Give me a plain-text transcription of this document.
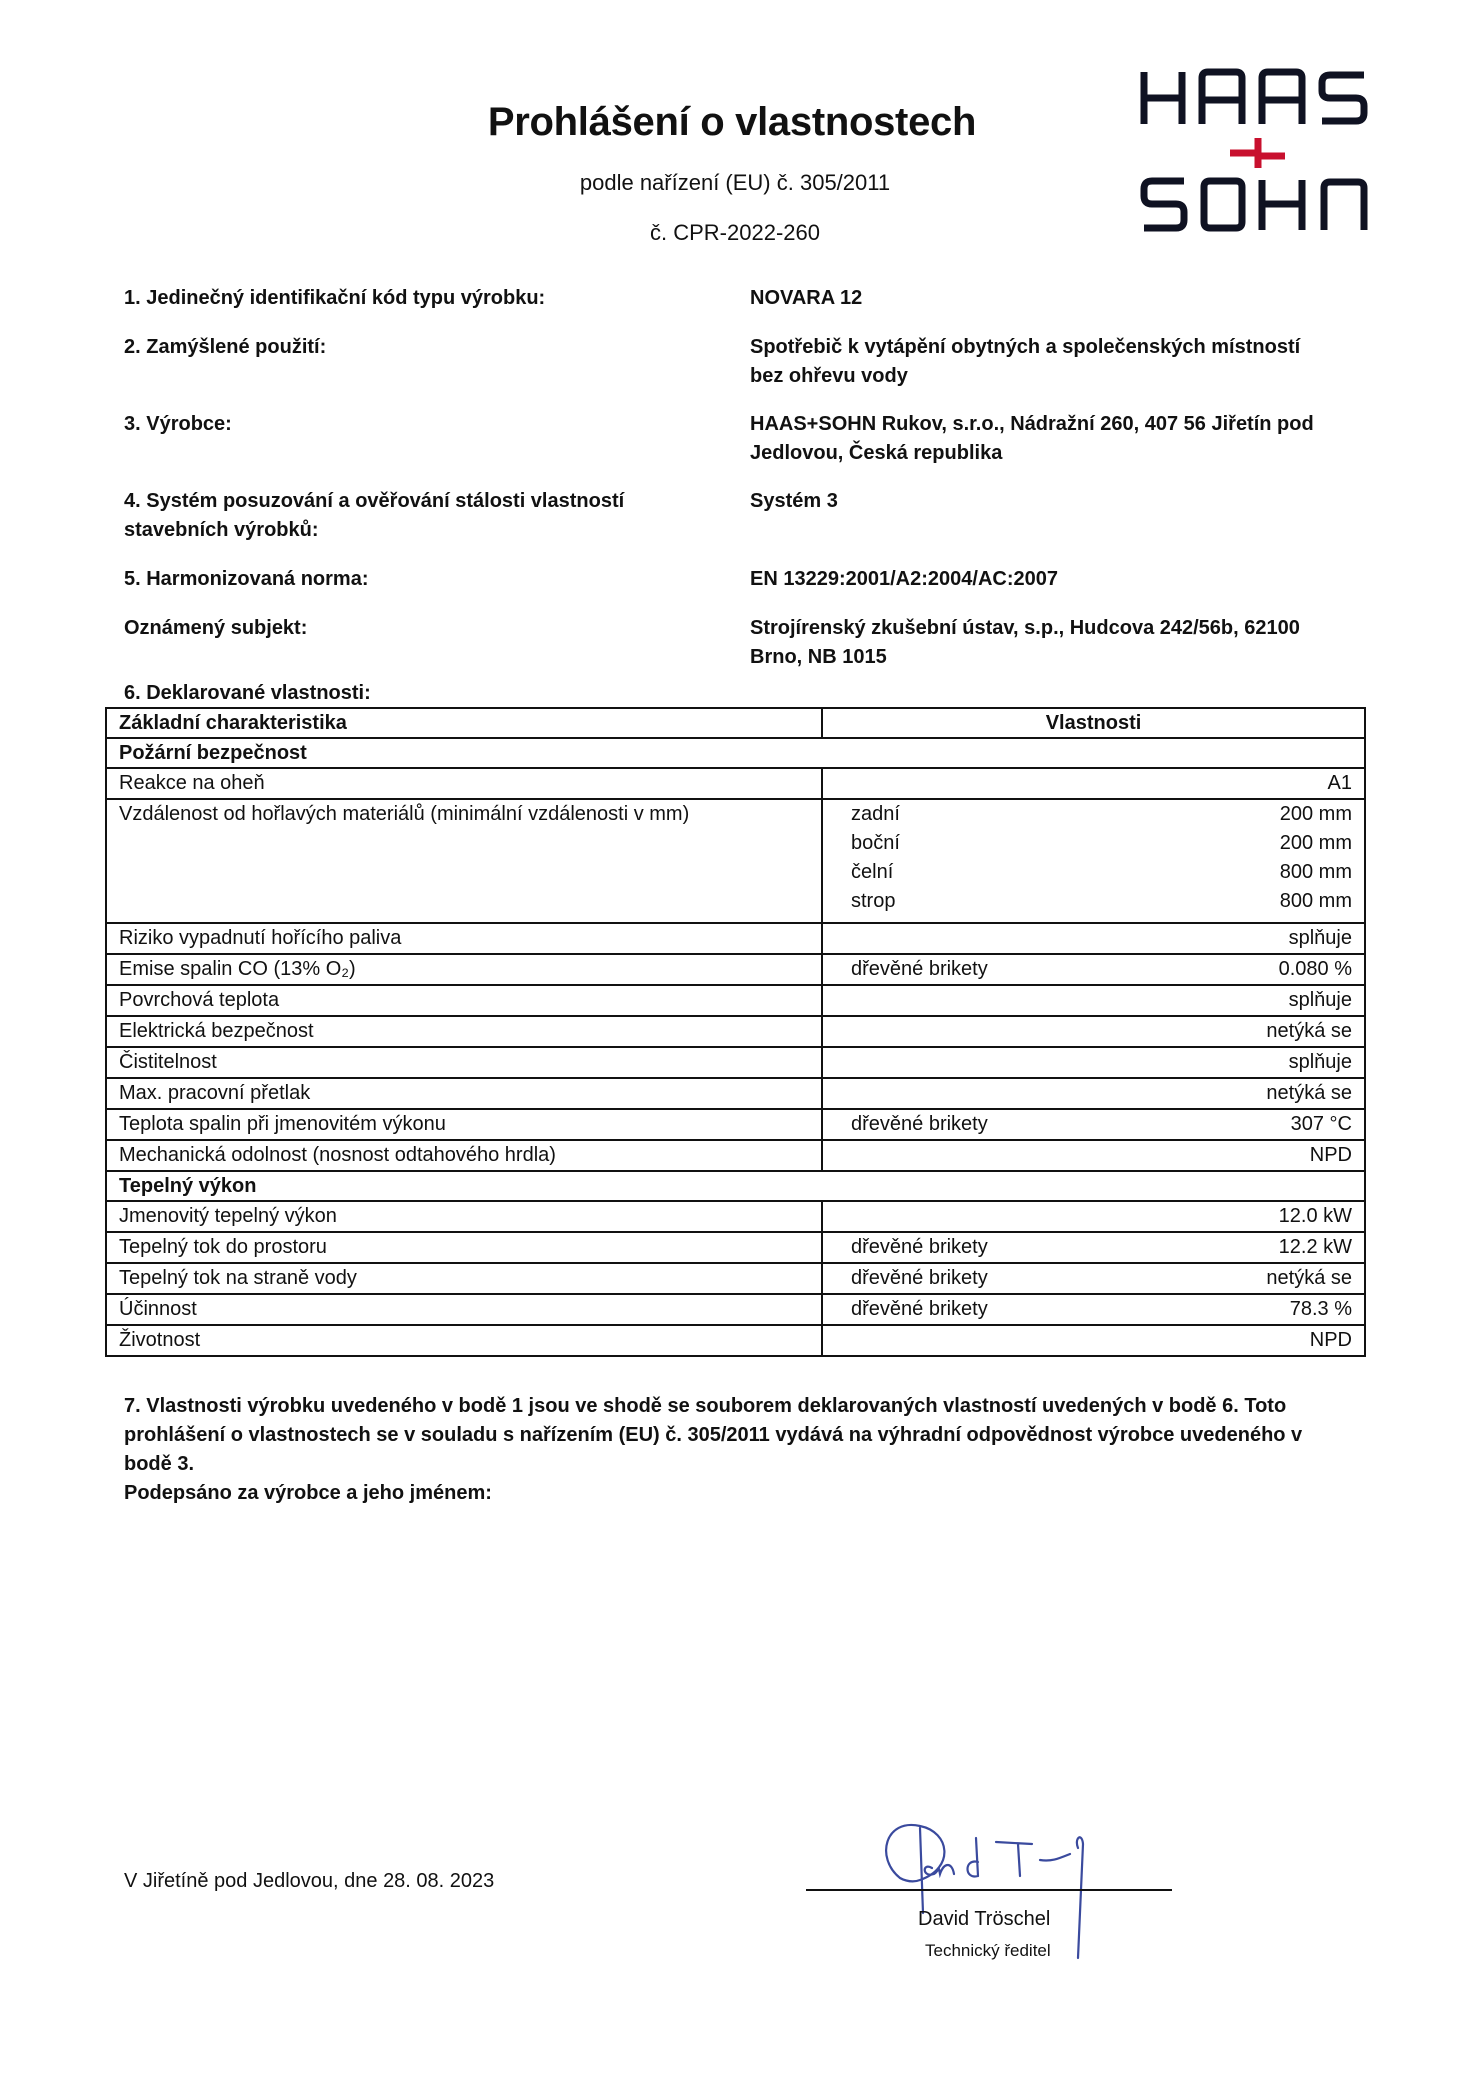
Prohlášení o vlastnostech
podle nařízení (EU) č. 305/2011
č. CPR-2022-260
1. Jedinečný identifikační kód typu výrobku:	NOVARA 12
2. Zamýšlené použití:	Spotřebič k vytápění obytných a společenských místností bez ohřevu vody
3. Výrobce:	HAAS+SOHN Rukov, s.r.o., Nádražní 260, 407 56 Jiřetín pod Jedlovou, Česká republika
4. Systém posuzování a ověřování stálosti vlastností stavebních výrobků:
Systém 3
5. Harmonizovaná norma:	EN 13229:2001/A2:2004/AC:2007
Oznámený subjekt:	Strojírenský zkušební ústav, s.p., Hudcova 242/56b, 62100 Brno, NB 1015
6. Deklarované vlastnosti:
Základní charakteristika	Vlastnosti
Požární bezpečnost	
Reakce na oheň	A1

Vzdálenost od hořlavých materiálů (minimální vzdálenosti v mm)	zadní	200 mm
boční	200 mm
čelní	800 mm
strop	800 mm

Riziko vypadnutí hořícího paliva	splňuje

Emise spalin CO (13% O₂)	dřevěné brikety 0.080 %

Povrchová teplota	splňuje

Elektrická bezpečnost	netýká se

Čistitelnost	splňuje

Max. pracovní přetlak	netýká se

Teplota spalin při jmenovitém výkonu	dřevěné brikety 307 °C

Mechanická odolnost (nosnost odtahového hrdla)	NPD

Tepelný výkon	
Jmenovitý tepelný výkon	12.0 kW

Tepelný tok do prostoru	dřevěné brikety 12.2 kW

Tepelný tok na straně vody	dřevěné brikety netýká se

Účinnost	dřevěné brikety 78.3 %

Životnost	NPD
7. Vlastnosti výrobku uvedeného v bodě 1 jsou ve shodě se souborem deklarovaných vlastností uvedených v bodě 6. Toto prohlášení o vlastnostech se v souladu s nařízením (EU) č. 305/2011 vydává na výhradní odpovědnost výrobce uvedeného v bodě 3.
Podepsáno za výrobce a jeho jménem:
V Jiřetíně pod Jedlovou, dne 28. 08. 2023
David Tröschel
Technický ředitel
